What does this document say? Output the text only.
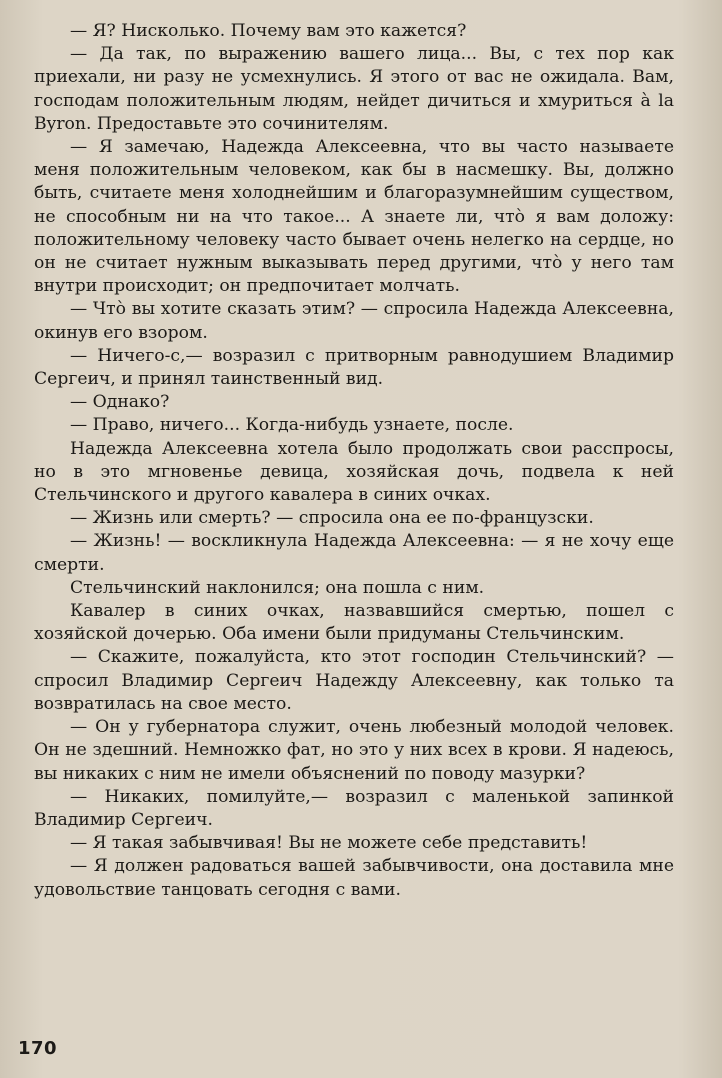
— Я? Нисколько. Почему вам это кажется?

— Да так, по выражению вашего лица... Вы, с тех пор как приехали, ни разу не усмехнулись. Я этого от вас не ожидала. Вам, господам положительным людям, нейдет дичиться и хмуриться à la Byron. Предоставьте это сочинителям.

— Я замечаю, Надежда Алексеевна, что вы часто называете меня положительным человеком, как бы в насмешку. Вы, должно быть, считаете меня холоднейшим и благоразумнейшим существом, не способным ни на что такое... А знаете ли, чтò я вам доложу: положительному человеку часто бывает очень нелегко на сердце, но он не считает нужным выказывать перед другими, чтò у него там внутри происходит; он предпочитает молчать.

— Чтò вы хотите сказать этим? — спросила Надежда Алексеевна, окинув его взором.

— Ничего-с,— возразил с притворным равнодушием Владимир Сергеич, и принял таинственный вид.

— Однако?

— Право, ничего... Когда-нибудь узнаете, после.

Надежда Алексеевна хотела было продолжать свои расспросы, но в это мгновенье девица, хозяйская дочь, подвела к ней Стельчинского и другого кавалера в синих очках.

— Жизнь или смерть? — спросила она ее по-французски.

— Жизнь! — воскликнула Надежда Алексеевна: — я не хочу еще смерти.

Стельчинский наклонился; она пошла с ним.

Кавалер в синих очках, назвавшийся смертью, пошел с хозяйской дочерью. Оба имени были придуманы Стельчинским.

— Скажите, пожалуйста, кто этот господин Стельчинский? — спросил Владимир Сергеич Надежду Алексеевну, как только та возвратилась на свое место.

— Он у губернатора служит, очень любезный молодой человек. Он не здешний. Немножко фат, но это у них всех в крови. Я надеюсь, вы никаких с ним не имели объяснений по поводу мазурки?

— Никаких, помилуйте,— возразил с маленькой запинкой Владимир Сергеич.

— Я такая забывчивая! Вы не можете себе представить!

— Я должен радоваться вашей забывчивости, она доставила мне удовольствие танцовать сегодня с вами.

170
